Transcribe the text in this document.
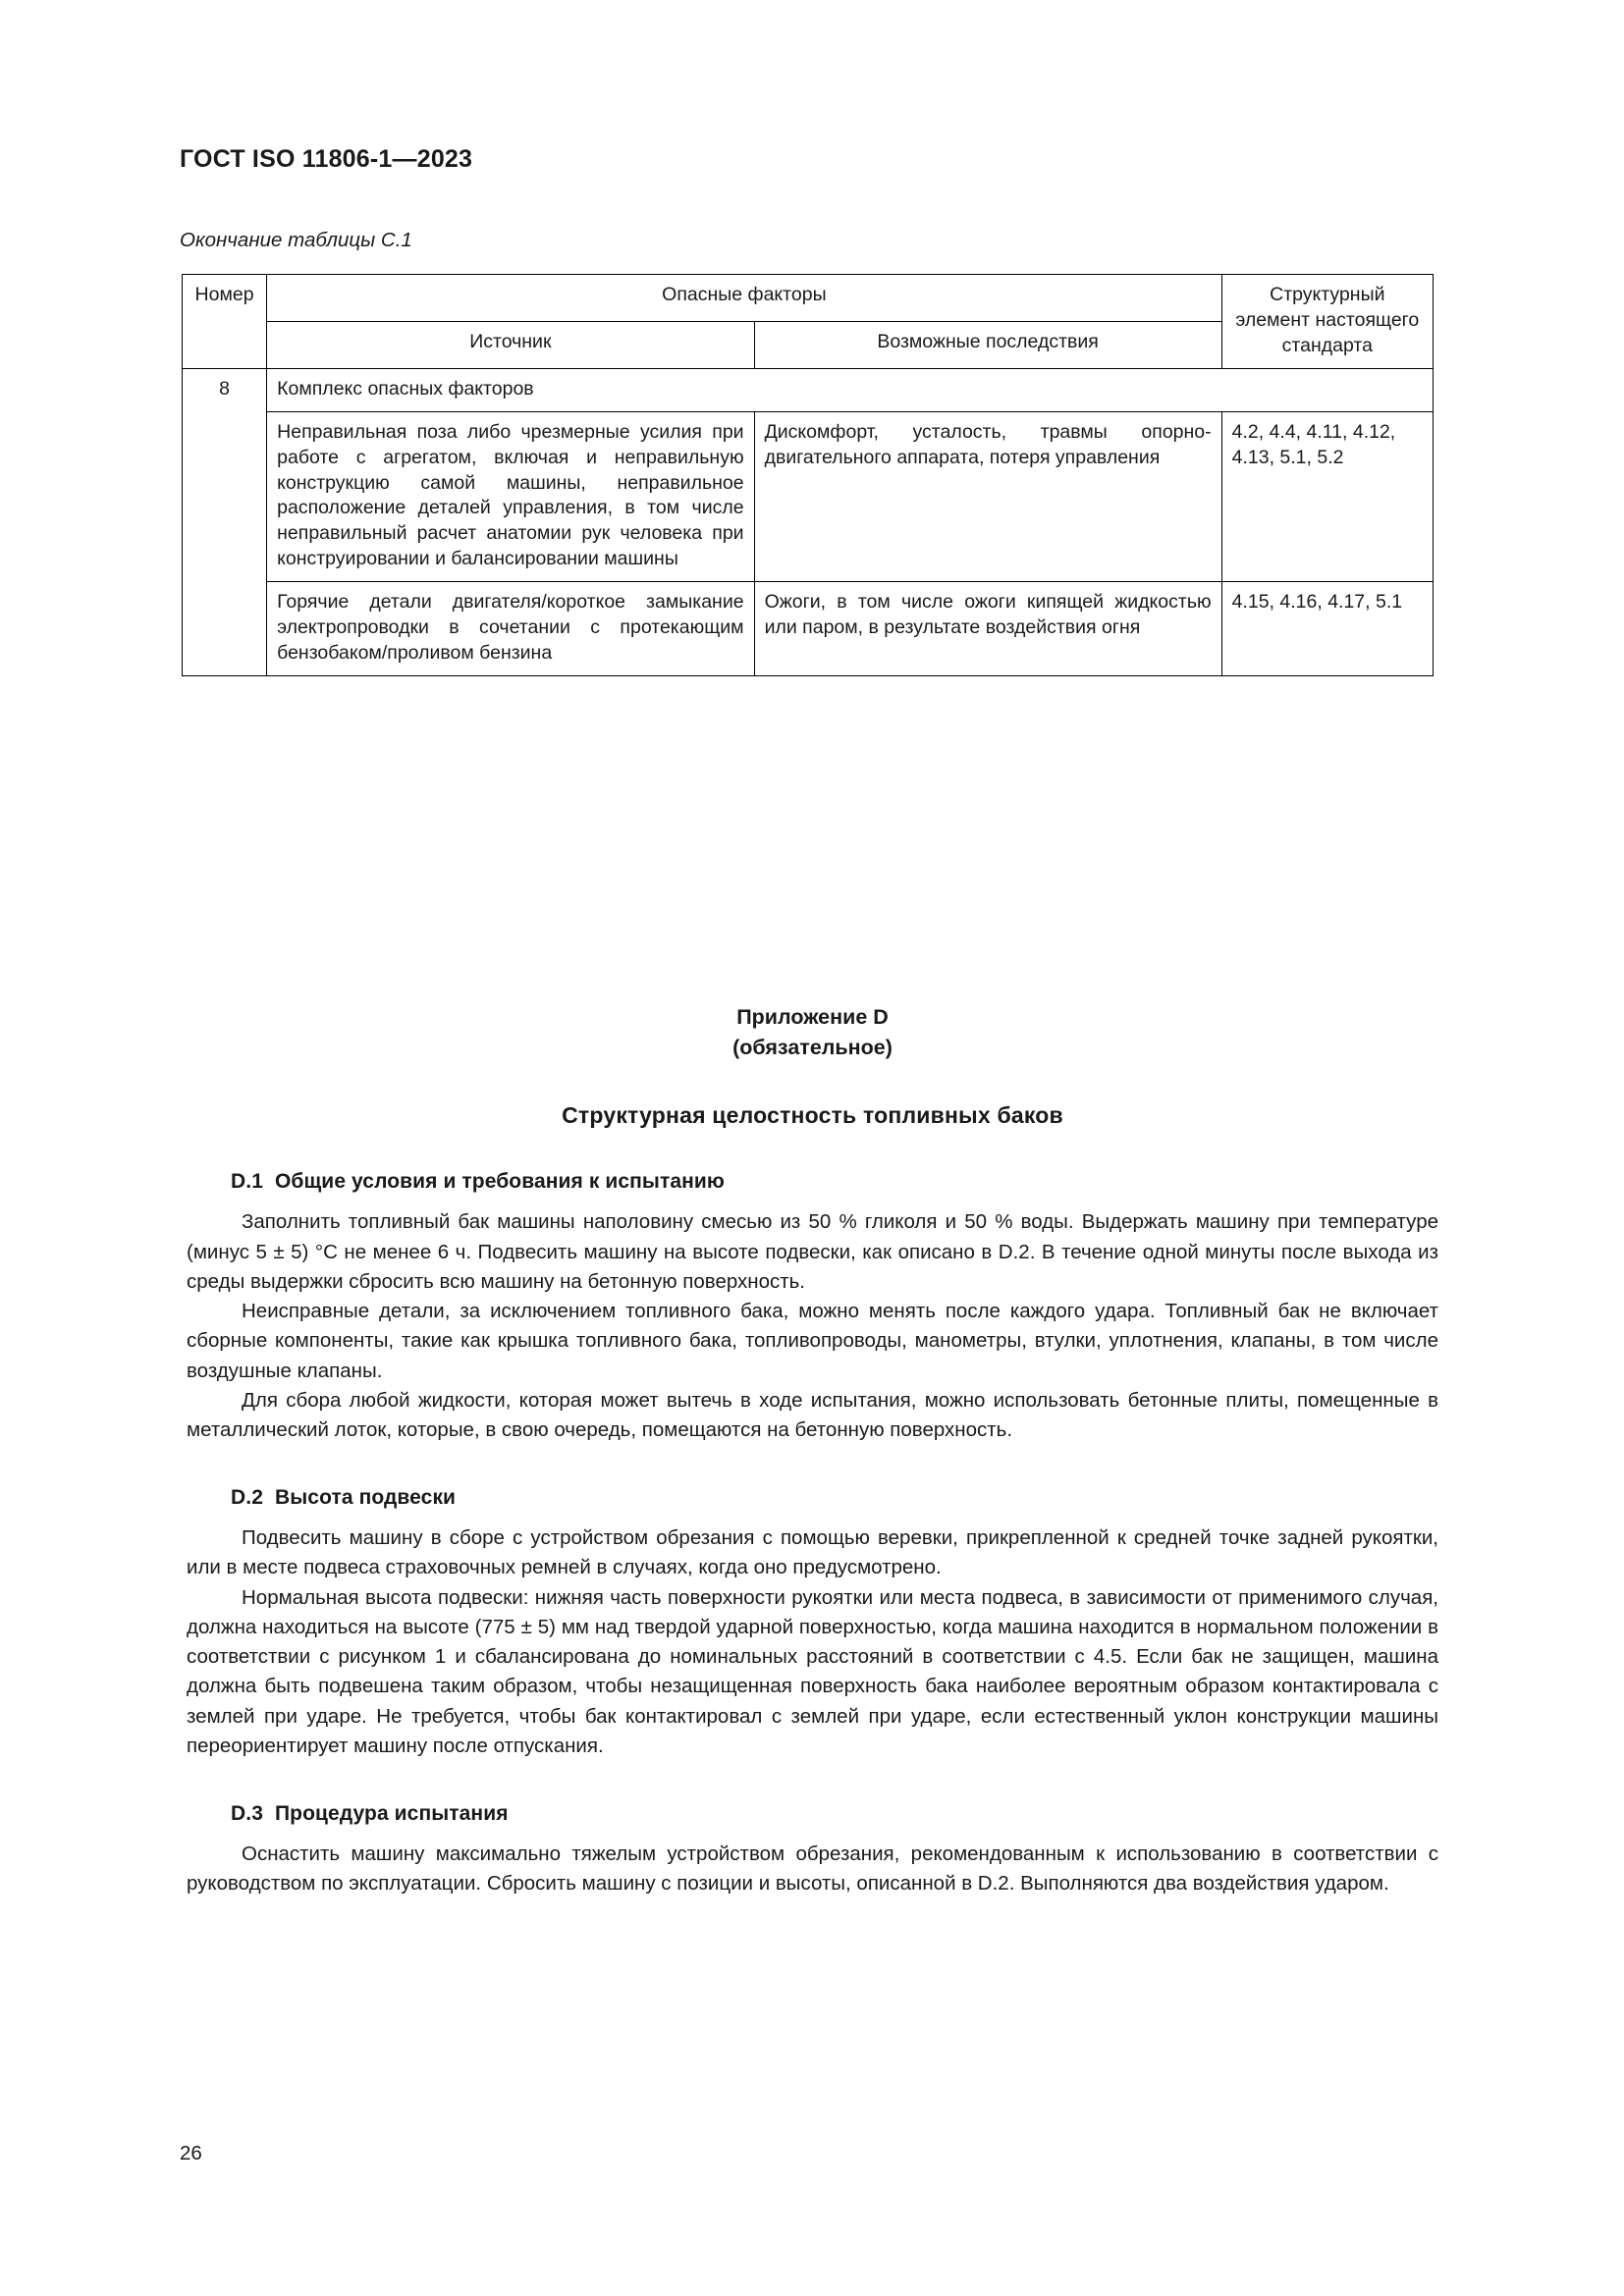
ГОСТ ISO 11806-1—2023
Окончание таблицы С.1
Номер	Опасные факторы		Структурный элемент настоящего стандарта
	Источник	Возможные последствия	
8	Комплекс опасных факторов		
	Неправильная поза либо чрезмерные усилия при работе с агрегатом, включая и неправильную конструкцию самой машины, неправильное расположение деталей управления, в том числе неправильный расчет анатомии рук человека при конструировании и балансировании машины	Дискомфорт, усталость, травмы опорно-двигательного аппарата, потеря управления	4.2, 4.4, 4.11, 4.12, 4.13, 5.1, 5.2
	Горячие детали двигателя/короткое замыкание электропроводки в сочетании с протекающим бензобаком/проливом бензина	Ожоги, в том числе ожоги кипящей жидкостью или паром, в результате воздействия огня	4.15, 4.16, 4.17, 5.1
Приложение D
(обязательное)
Структурная целостность топливных баков
D.1 Общие условия и требования к испытанию

Заполнить топливный бак машины наполовину смесью из 50 % гликоля и 50 % воды. Выдержать машину при температуре (минус 5 ± 5) °С не менее 6 ч. Подвесить машину на высоте подвески, как описано в D.2. В течение одной минуты после выхода из среды выдержки сбросить всю машину на бетонную поверхность.

Неисправные детали, за исключением топливного бака, можно менять после каждого удара. Топливный бак не включает сборные компоненты, такие как крышка топливного бака, топливопроводы, манометры, втулки, уплотнения, клапаны, в том числе воздушные клапаны.

Для сбора любой жидкости, которая может вытечь в ходе испытания, можно использовать бетонные плиты, помещенные в металлический лоток, которые, в свою очередь, помещаются на бетонную поверхность.

D.2 Высота подвески

Подвесить машину в сборе с устройством обрезания с помощью веревки, прикрепленной к средней точке задней рукоятки, или в месте подвеса страховочных ремней в случаях, когда оно предусмотрено.

Нормальная высота подвески: нижняя часть поверхности рукоятки или места подвеса, в зависимости от применимого случая, должна находиться на высоте (775 ± 5) мм над твердой ударной поверхностью, когда машина находится в нормальном положении в соответствии с рисунком 1 и сбалансирована до номинальных расстояний в соответствии с 4.5. Если бак не защищен, машина должна быть подвешена таким образом, чтобы незащищенная поверхность бака наиболее вероятным образом контактировала с землей при ударе. Не требуется, чтобы бак контактировал с землей при ударе, если естественный уклон конструкции машины переориентирует машину после отпускания.

D.3 Процедура испытания

Оснастить машину максимально тяжелым устройством обрезания, рекомендованным к использованию в соответствии с руководством по эксплуатации. Сбросить машину с позиции и высоты, описанной в D.2. Выполняются два воздействия ударом.

26
